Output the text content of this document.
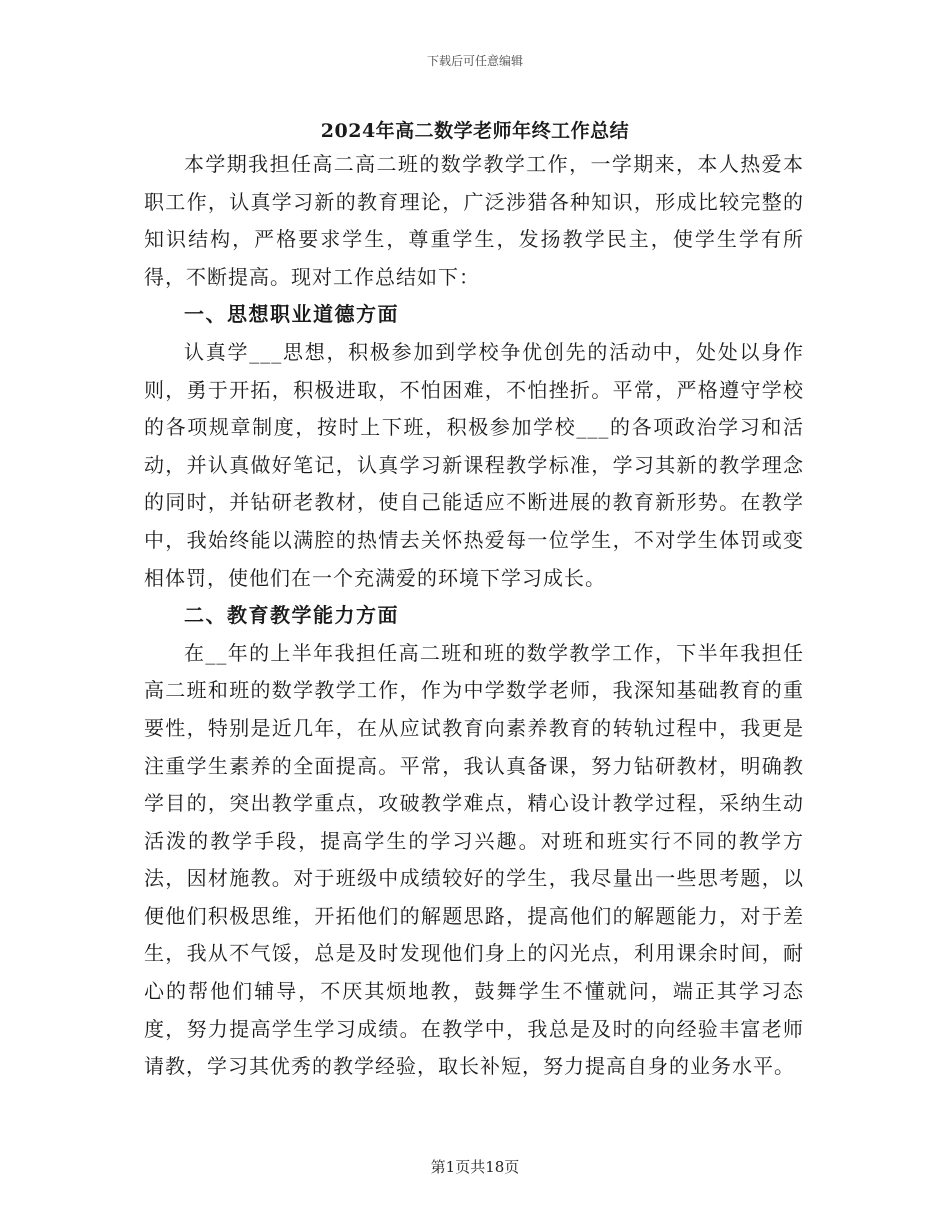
下载后可任意编辑
2024年高二数学老师年终工作总结

本学期我担任高二高二班的数学教学工作，一学期来，本人热爱本职工作，认真学习新的教育理论，广泛涉猎各种知识，形成比较完整的知识结构，严格要求学生，尊重学生，发扬教学民主，使学生学有所得，不断提高。现对工作总结如下：

一、思想职业道德方面

认真学___思想，积极参加到学校争优创先的活动中，处处以身作则，勇于开拓，积极进取，不怕困难，不怕挫折。平常，严格遵守学校的各项规章制度，按时上下班，积极参加学校___的各项政治学习和活动，并认真做好笔记，认真学习新课程教学标准，学习其新的教学理念的同时，并钻研老教材，使自己能适应不断进展的教育新形势。在教学中，我始终能以满腔的热情去关怀热爱每一位学生，不对学生体罚或变相体罚，使他们在一个充满爱的环境下学习成长。

二、教育教学能力方面

在__年的上半年我担任高二班和班的数学教学工作，下半年我担任高二班和班的数学教学工作，作为中学数学老师，我深知基础教育的重要性，特别是近几年，在从应试教育向素养教育的转轨过程中，我更是注重学生素养的全面提高。平常，我认真备课，努力钻研教材，明确教学目的，突出教学重点，攻破教学难点，精心设计教学过程，采纳生动活泼的教学手段，提高学生的学习兴趣。对班和班实行不同的教学方法，因材施教。对于班级中成绩较好的学生，我尽量出一些思考题，以便他们积极思维，开拓他们的解题思路，提高他们的解题能力，对于差生，我从不气馁，总是及时发现他们身上的闪光点，利用课余时间，耐心的帮他们辅导，不厌其烦地教，鼓舞学生不懂就问，端正其学习态度，努力提高学生学习成绩。在教学中，我总是及时的向经验丰富老师请教，学习其优秀的教学经验，取长补短，努力提高自身的业务水平。

第1页共18页
